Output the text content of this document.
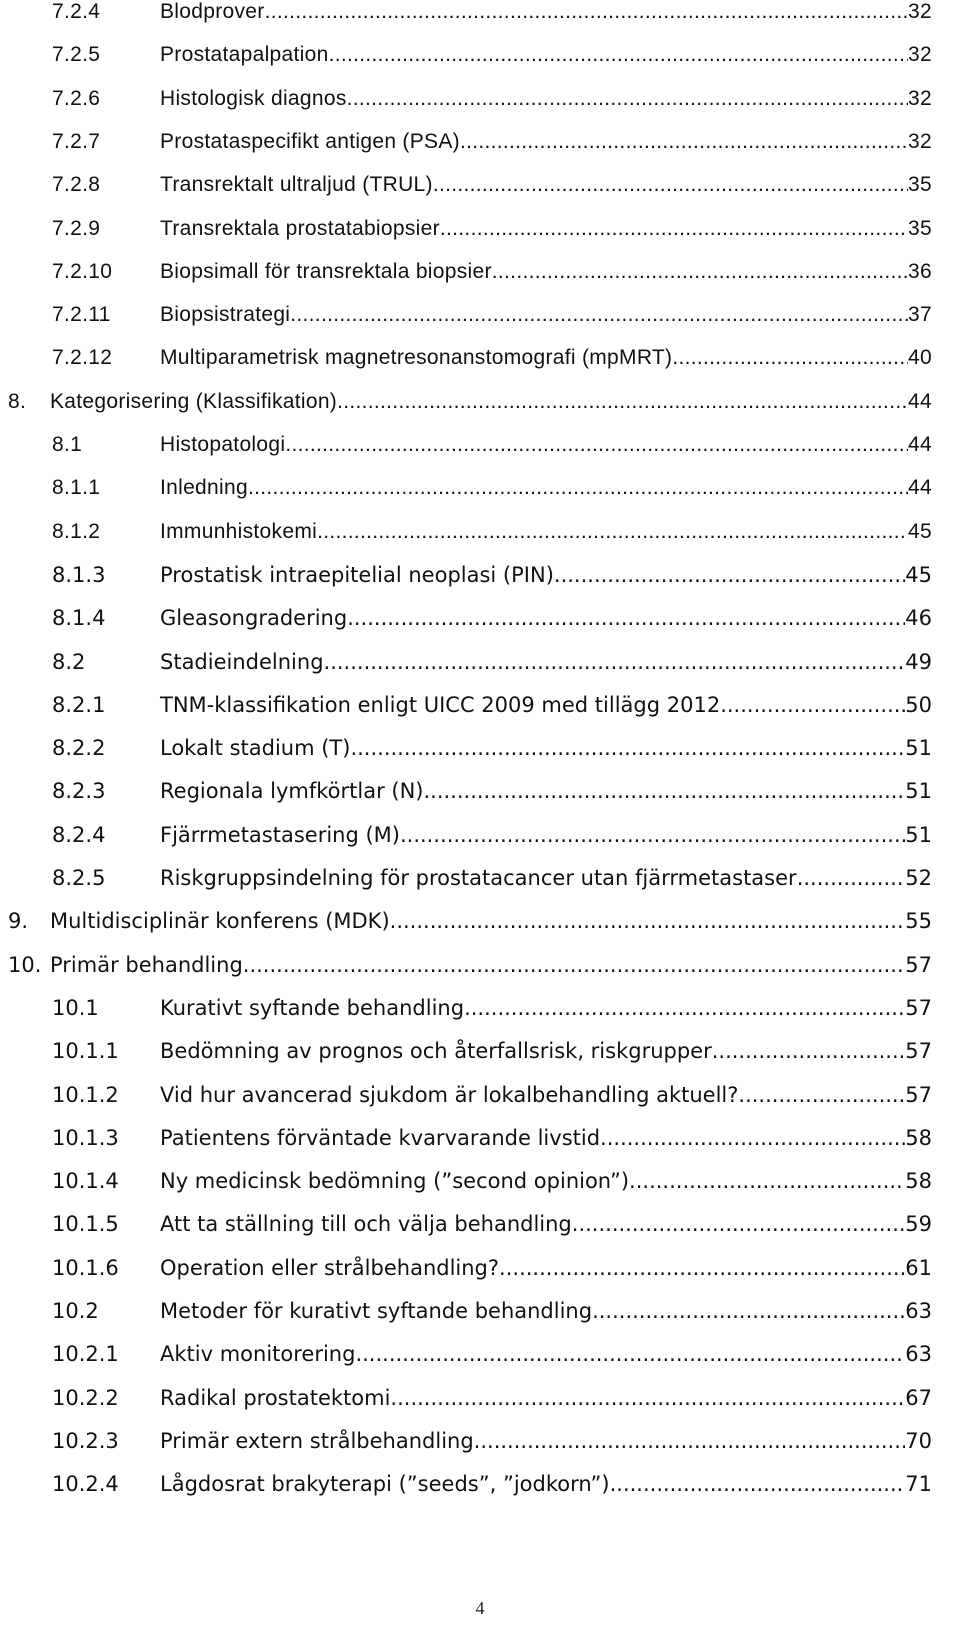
7.2.4	Blodprover .....	32
7.2.5	Prostatapalpation .....	32
7.2.6	Histologisk diagnos. .....	32
7.2.7	Prostataspecifikt antigen (PSA) .....	32
7.2.8	Transrektalt ultraljud (TRUL) .....	35
7.2.9	Transrektala prostatabiopsier .....	35
7.2.10 Biopsimall för transrektala biopsier .....	36
7.2.11 Biopsistrategi .....	37
7.2.12 Multiparametrisk magnetresonanstomografi (mpMRT) .....	40
8. Kategorisering (Klassifikation) .....	44
8.1	Histopatologi .....	44
8.1.1	Inledning .....	44
8.1.2	Immunhistokemi .....	45
8.1.3	Prostatisk intraepitelial neoplasi (PIN) .....	45
8.1.4	Gleasongradering .....	46
8.2	Stadieindelning .....	49
8.2.1	TNM-klassifikation enligt UICC 2009 med tillägg 2012 .....	50
8.2.2	Lokalt stadium (T) .....	51
8.2.3	Regionala lymfkörtlar (N) .....	51
8.2.4	Fjärrmetastasering (M) .....	51
8.2.5	Riskgruppsindelning för prostatacancer utan fjärrmetastaser .....	52
9. Multidisciplinär konferens (MDK) .....	55
10. Primär behandling .....	57
10.1	Kurativt syftande behandling .....	57
10.1.1 Bedömning av prognos och återfallsrisk, riskgrupper .....	57
10.1.2 Vid hur avancerad sjukdom är lokalbehandling aktuell?. .....	57
10.1.3 Patientens förväntade kvarvarande livstid .....	58
10.1.4 Ny medicinsk bedömning (”second opinion”) .....	58
10.1.5 Att ta ställning till och välja behandling .....	59
10.1.6 Operation eller strålbehandling? .....	61
10.2	Metoder för kurativt syftande behandling .....	63
10.2.1 Aktiv monitorering .....	63
10.2.2 Radikal prostatektomi .....	67
10.2.3 Primär extern strålbehandling .....	70
10.2.4 Lågdosrat brakyterapi (”seeds”, ”jodkorn”) .....	71
4
